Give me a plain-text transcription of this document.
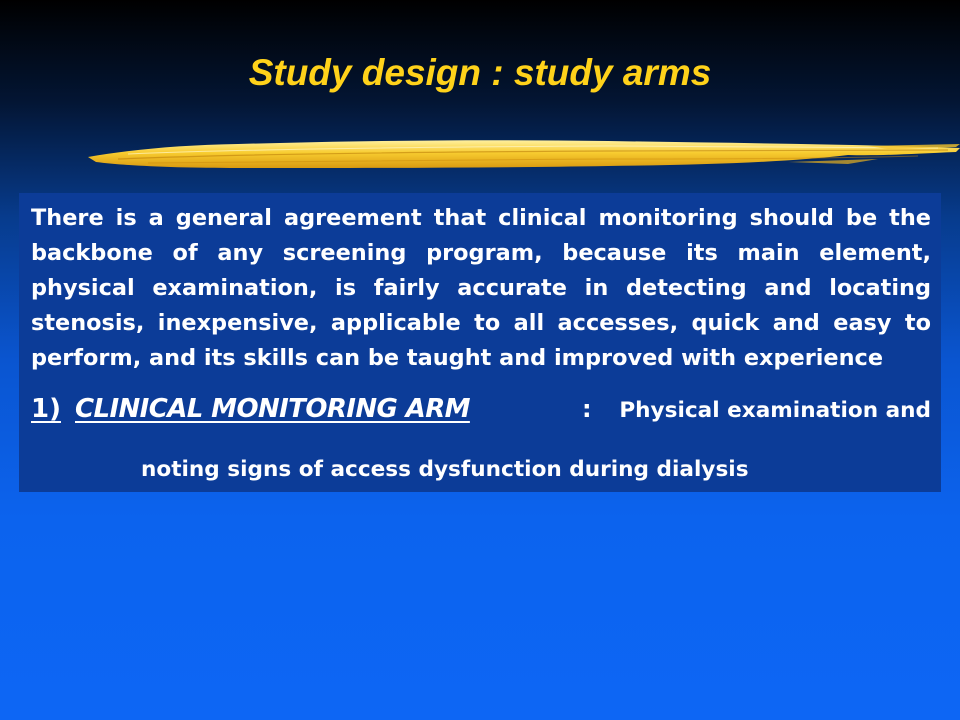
Study design : study arms

There is a general agreement that clinical monitoring should be the backbone of any screening program, because its main element, physical examination, is fairly accurate in detecting and locating stenosis, inexpensive, applicable to all accesses, quick and easy to perform, and its skills can be taught and improved with experience

1) CLINICAL MONITORING ARM	: Physical examination and
noting signs of access dysfunction during dialysis
